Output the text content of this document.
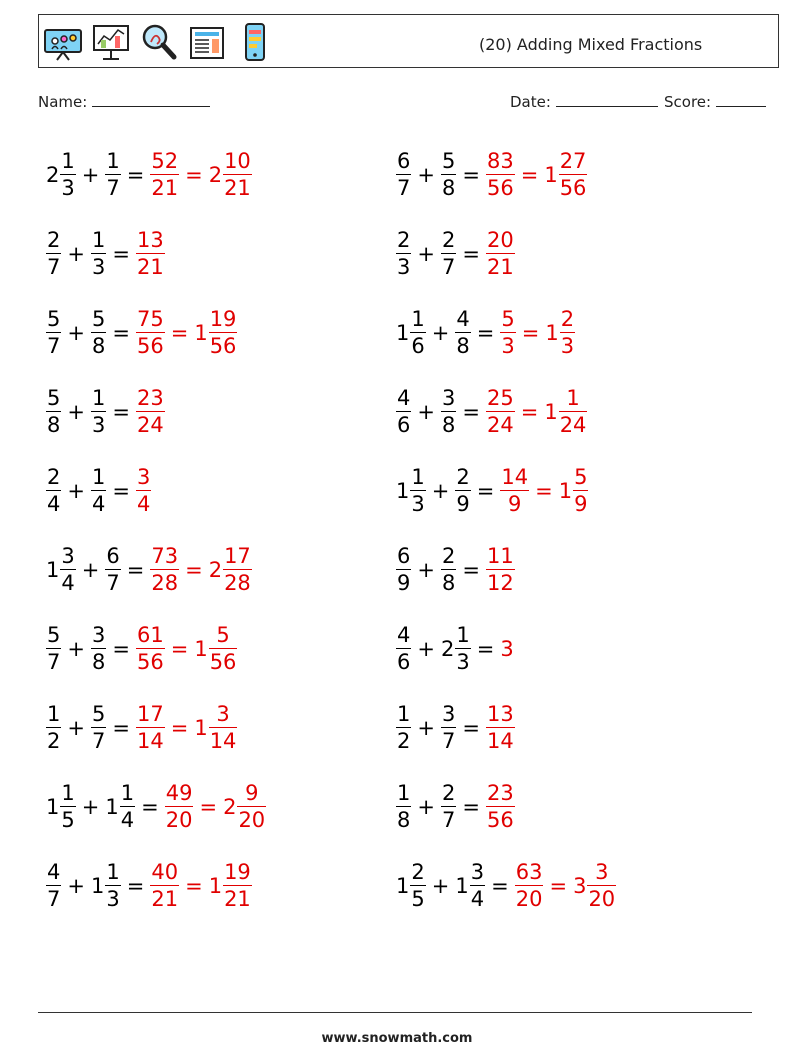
(20) Adding Mixed Fractions
Name:	Date:	Score:
$2 \frac{1}{3} + \frac{1}{7} = \frac{52}{21} = 2 \frac{10}{21}$	$\frac{6}{7} + \frac{5}{8} = \frac{83}{56} = 1 \frac{27}{56}$
$\frac{2}{7} + \frac{1}{3} = \frac{13}{21}$	$\frac{2}{3} + \frac{2}{7} = \frac{20}{21}$
$\frac{5}{7} + \frac{5}{8} = \frac{75}{56} = 1 \frac{19}{56}$	$1 \frac{1}{6} + \frac{4}{8} = \frac{5}{3} = 1 \frac{2}{3}$
$\frac{5}{8} + \frac{1}{3} = \frac{23}{24}$	$\frac{4}{6} + \frac{3}{8} = \frac{25}{24} = 1 \frac{1}{24}$
$\frac{2}{4} + \frac{1}{4} = \frac{3}{4}$	$1 \frac{1}{3} + \frac{2}{9} = \frac{14}{9} = 1 \frac{5}{9}$
$1 \frac{3}{4} + \frac{6}{7} = \frac{73}{28} = 2 \frac{17}{28}$	$\frac{6}{9} + \frac{2}{8} = \frac{11}{12}$
$\frac{5}{7} + \frac{3}{8} = \frac{61}{56} = 1 \frac{5}{56}$	$\frac{4}{6} + 2 \frac{1}{3} = 3$
$\frac{1}{2} + \frac{5}{7} = \frac{17}{14} = 1 \frac{3}{14}$	$\frac{1}{2} + \frac{3}{7} = \frac{13}{14}$
$1 \frac{1}{5} + 1 \frac{1}{4} = \frac{49}{20} = 2 \frac{9}{20}$	$\frac{1}{8} + \frac{2}{7} = \frac{23}{56}$
$\frac{4}{7} + 1 \frac{1}{3} = \frac{40}{21} = 1 \frac{19}{21}$	$1 \frac{2}{5} + 1 \frac{3}{4} = \frac{63}{20} = 3 \frac{3}{20}$
www.snowmath.com
